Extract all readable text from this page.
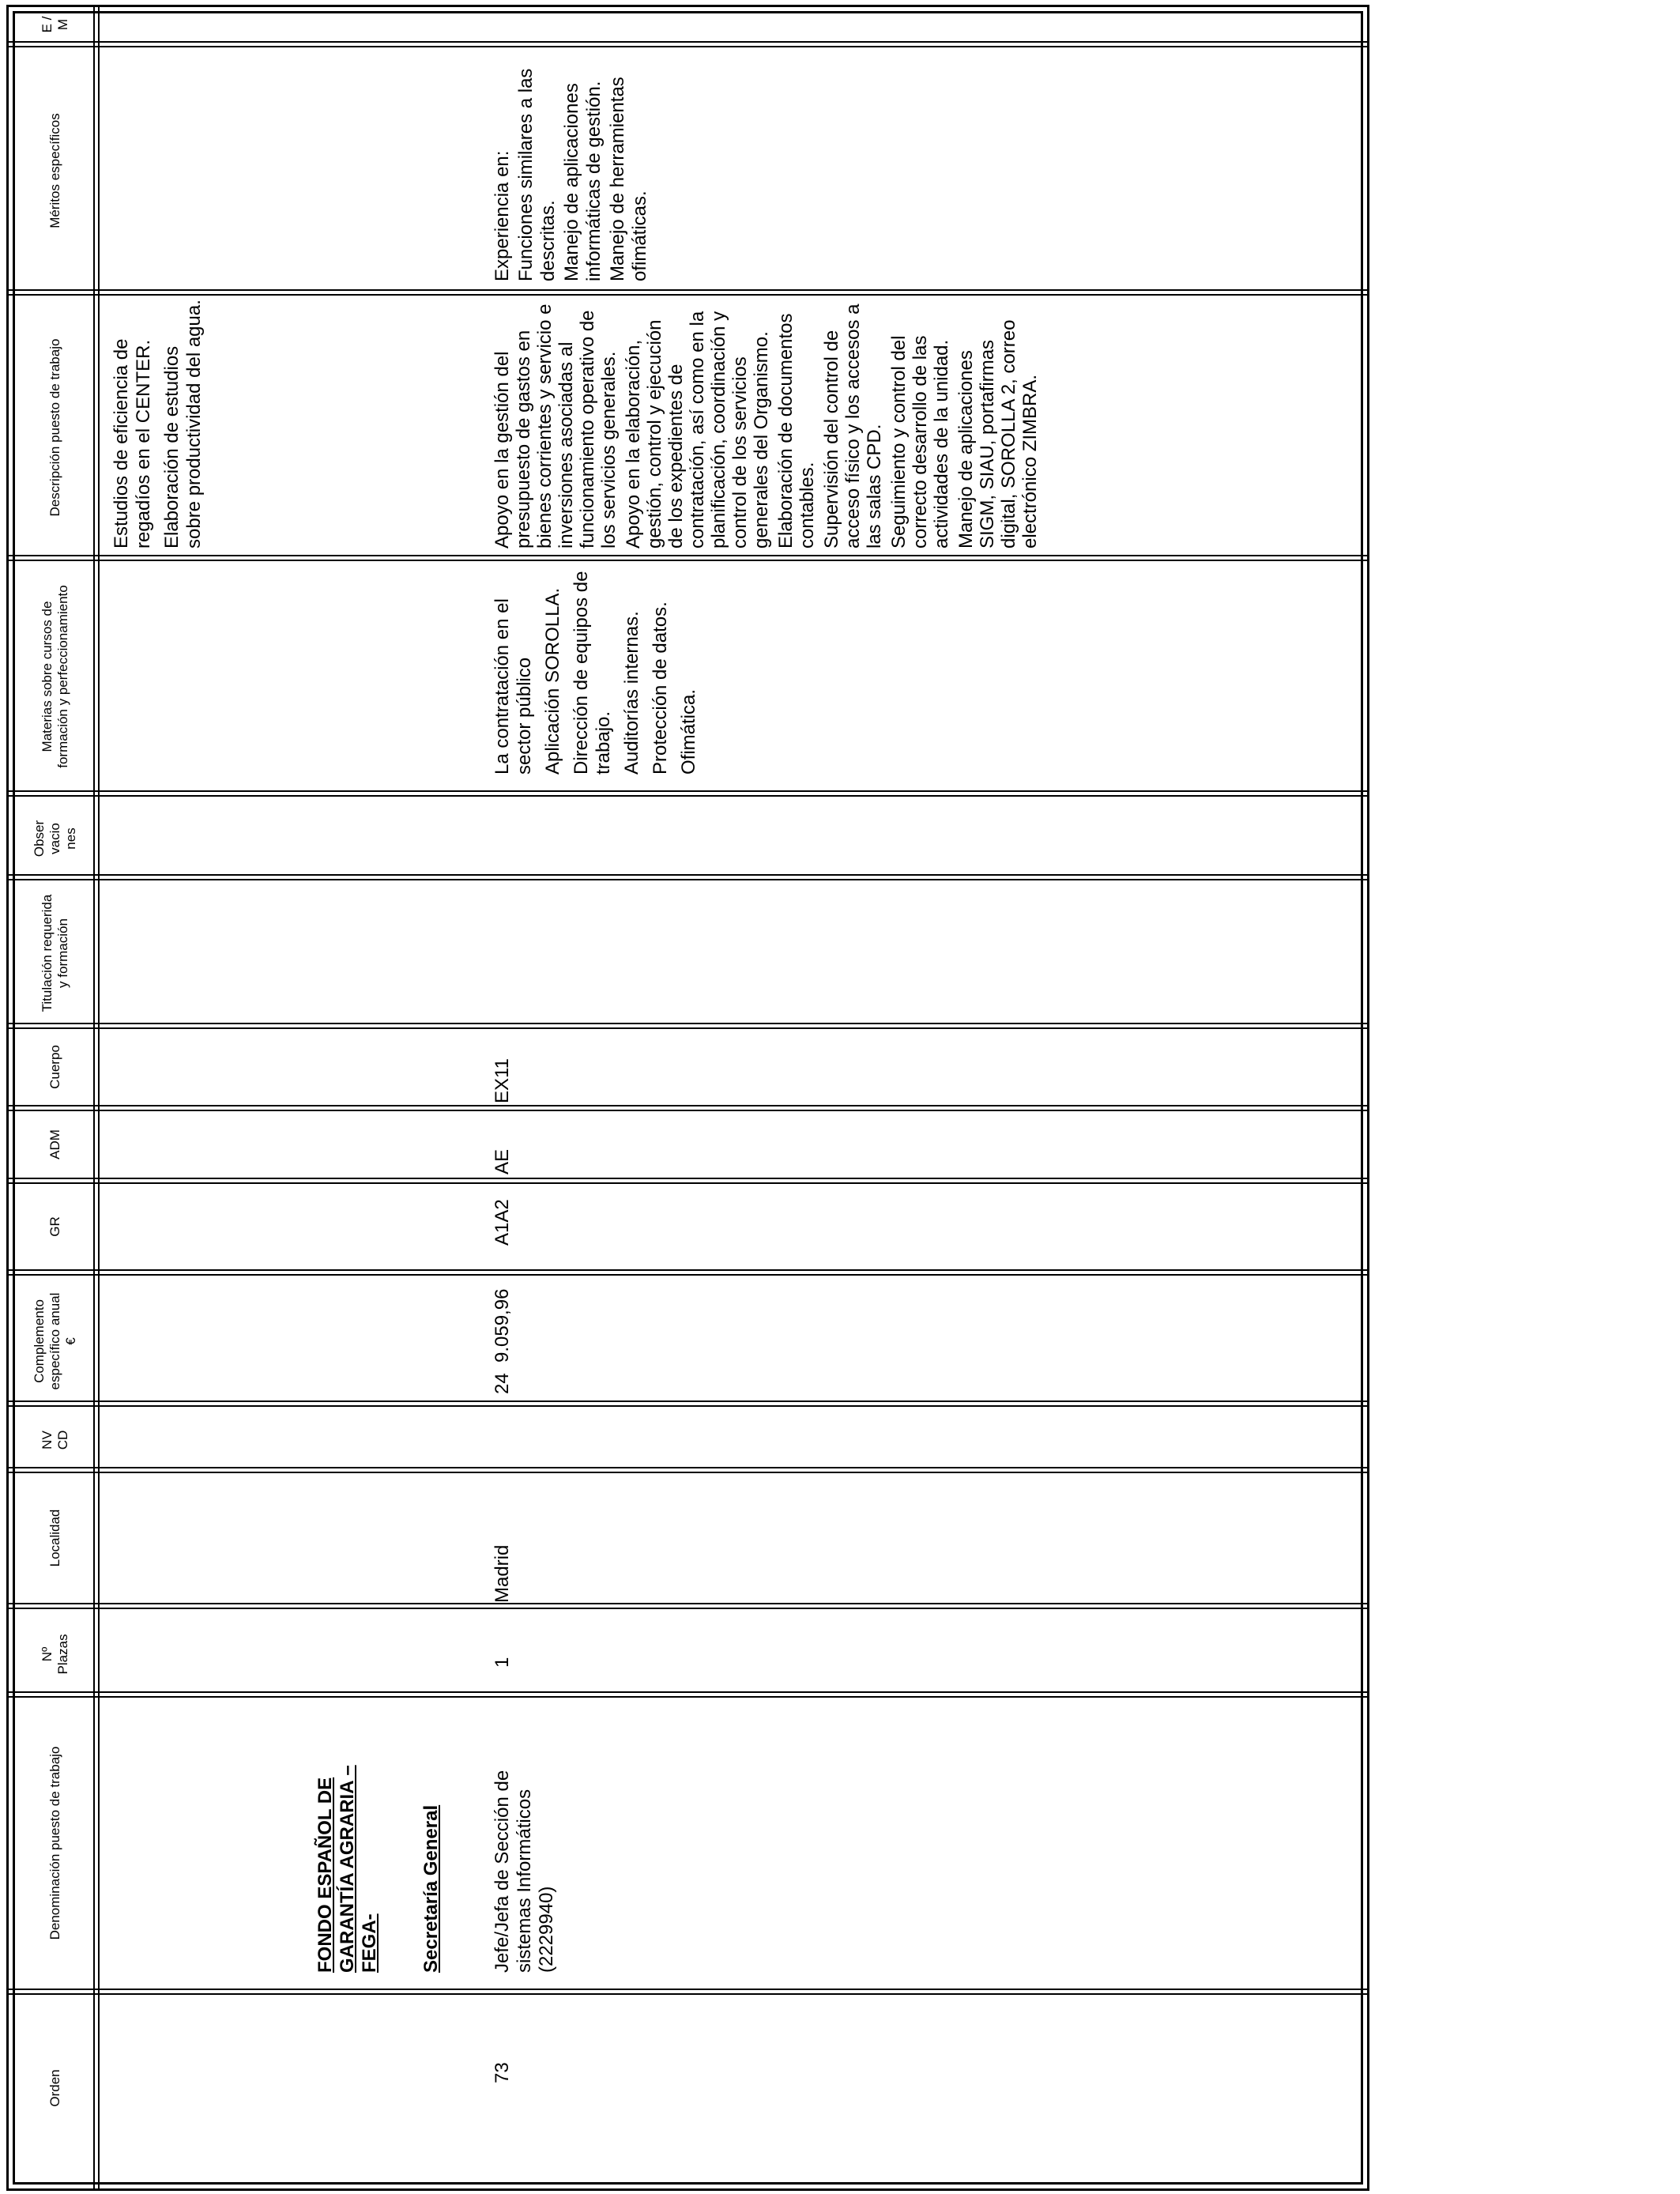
Orden
Denominación puesto de trabajo
Nº Plazas
Localidad
NV CD
Complemento específico anual €
GR
ADM
Cuerpo
Titulación requerida y formación
Obser vacio nes
Materias sobre cursos de formación y perfeccionamiento
Descripción puesto de trabajo
Méritos específicos
E / M

Estudios de eficiencia de regadíos en el CENTER. Elaboración de estudios sobre productividad del agua.

FONDO ESPAÑOL DE GARANTÍA AGRARIA – FEGA- Secretaría General
73
Jefe/Jefa de Sección de sistemas Informáticos (2229940)
1
Madrid
24
9.059,96
A1A2
AE
EX11

La contratación en el sector público Aplicación SOROLLA. Dirección de equipos de trabajo. Auditorías internas. Protección de datos. Ofimática.

Apoyo en la gestión del presupuesto de gastos en bienes corrientes y servicio e inversiones asociadas al funcionamiento operativo de los servicios generales. Apoyo en la elaboración, gestión, control y ejecución de los expedientes de contratación, así como en la planificación, coordinación y control de los servicios generales del Organismo. Elaboración de documentos contables. Supervisión del control de acceso físico y los accesos a las salas CPD. Seguimiento y control del correcto desarrollo de las actividades de la unidad. Manejo de aplicaciones SIGM, SIAU, portafirmas digital, SOROLLA 2, correo electrónico ZIMBRA.

Experiencia en: Funciones similares a las descritas. Manejo de aplicaciones informáticas de gestión. Manejo de herramientas ofimáticas.
